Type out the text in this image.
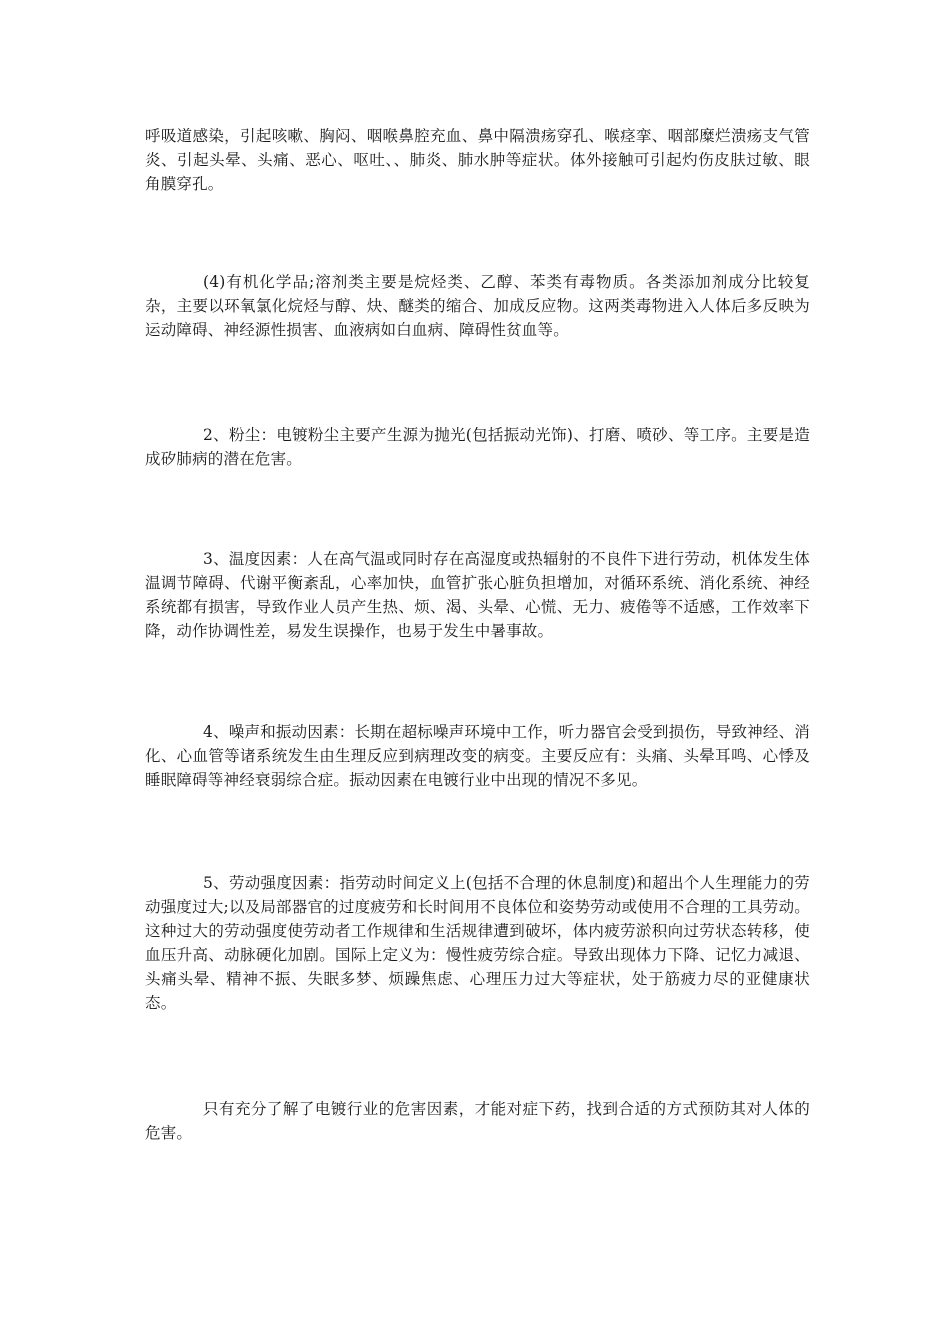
呼吸道感染，引起咳嗽、胸闷、咽喉鼻腔充血、鼻中隔溃疡穿孔、喉痉挛、咽部糜烂溃疡支气管炎、引起头晕、头痛、恶心、呕吐、、肺炎、肺水肿等症状。体外接触可引起灼伤皮肤过敏、眼角膜穿孔。

(4)有机化学品;溶剂类主要是烷烃类、乙醇、苯类有毒物质。各类添加剂成分比较复杂，主要以环氧氯化烷烃与醇、炔、醚类的缩合、加成反应物。这两类毒物进入人体后多反映为运动障碍、神经源性损害、血液病如白血病、障碍性贫血等。

2、粉尘：电镀粉尘主要产生源为抛光(包括振动光饰)、打磨、喷砂、等工序。主要是造成矽肺病的潜在危害。

3、温度因素：人在高气温或同时存在高湿度或热辐射的不良件下进行劳动，机体发生体温调节障碍、代谢平衡紊乱，心率加快，血管扩张心脏负担增加，对循环系统、消化系统、神经系统都有损害，导致作业人员产生热、烦、渴、头晕、心慌、无力、疲倦等不适感，工作效率下降，动作协调性差，易发生误操作，也易于发生中暑事故。

4、噪声和振动因素：长期在超标噪声环境中工作，听力器官会受到损伤，导致神经、消化、心血管等诸系统发生由生理反应到病理改变的病变。主要反应有：头痛、头晕耳鸣、心悸及睡眠障碍等神经衰弱综合症。振动因素在电镀行业中出现的情况不多见。

5、劳动强度因素：指劳动时间定义上(包括不合理的休息制度)和超出个人生理能力的劳动强度过大;以及局部器官的过度疲劳和长时间用不良体位和姿势劳动或使用不合理的工具劳动。这种过大的劳动强度使劳动者工作规律和生活规律遭到破坏，体内疲劳淤积向过劳状态转移，使血压升高、动脉硬化加剧。国际上定义为：慢性疲劳综合症。导致出现体力下降、记忆力减退、头痛头晕、精神不振、失眠多梦、烦躁焦虑、心理压力过大等症状，处于筋疲力尽的亚健康状态。

只有充分了解了电镀行业的危害因素，才能对症下药，找到合适的方式预防其对人体的危害。
